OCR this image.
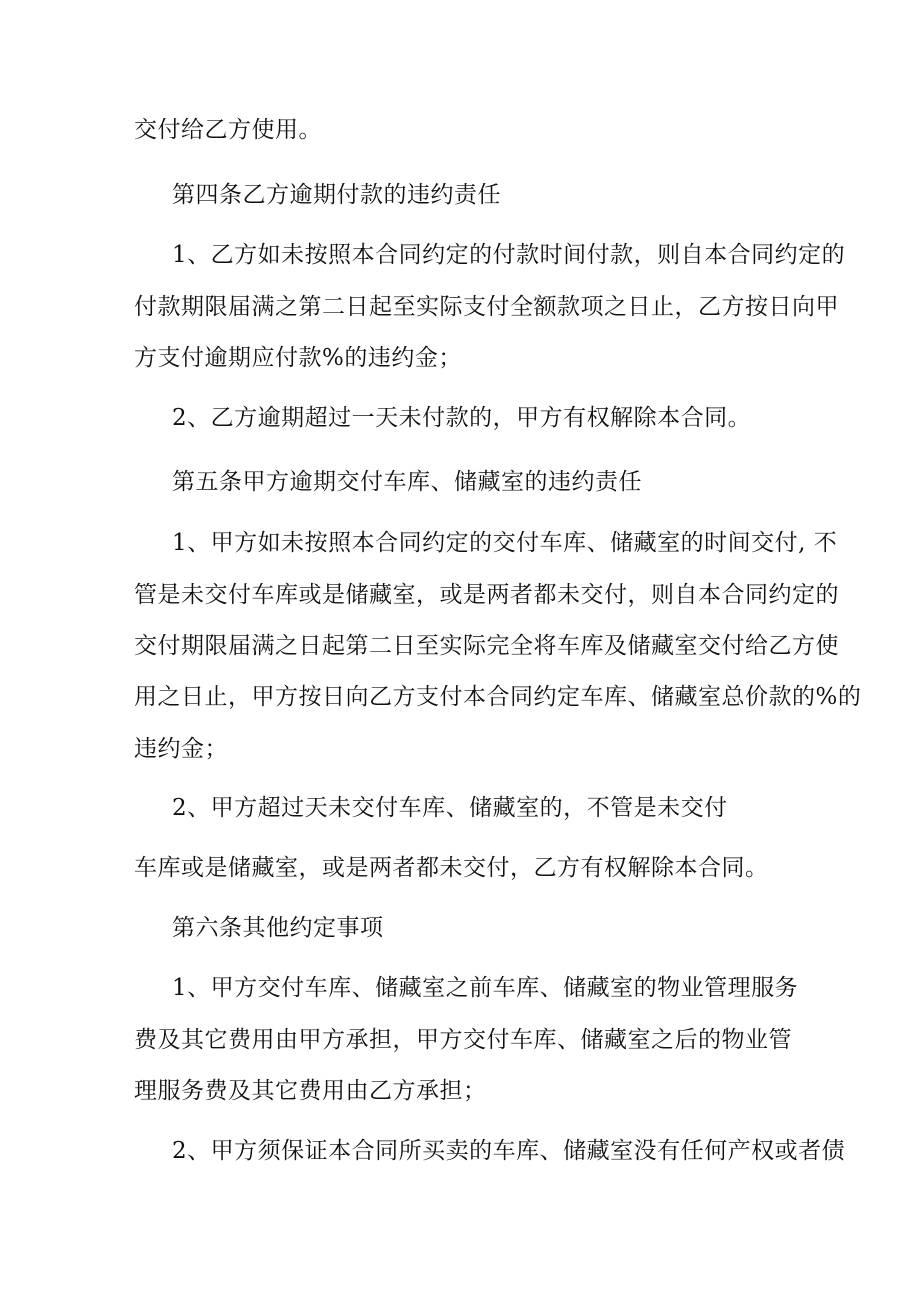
交付给乙方使用。
第四条乙方逾期付款的违约责任
1、乙方如未按照本合同约定的付款时间付款，则自本合同约定的
付款期限届满之第二日起至实际支付全额款项之日止，乙方按日向甲
方支付逾期应付款%的违约金；
2、乙方逾期超过一天未付款的，甲方有权解除本合同。
第五条甲方逾期交付车库、储藏室的违约责任
1、甲方如未按照本合同约定的交付车库、储藏室的时间交付, 不
管是未交付车库或是储藏室，或是两者都未交付，则自本合同约定的
交付期限届满之日起第二日至实际完全将车库及储藏室交付给乙方使
用之日止，甲方按日向乙方支付本合同约定车库、储藏室总价款的%的
违约金；
2、甲方超过天未交付车库、储藏室的，不管是未交付
车库或是储藏室，或是两者都未交付，乙方有权解除本合同。
第六条其他约定事项
1、甲方交付车库、储藏室之前车库、储藏室的物业管理服务
费及其它费用由甲方承担，甲方交付车库、储藏室之后的物业管
理服务费及其它费用由乙方承担；
2、甲方须保证本合同所买卖的车库、储藏室没有任何产权或者债
